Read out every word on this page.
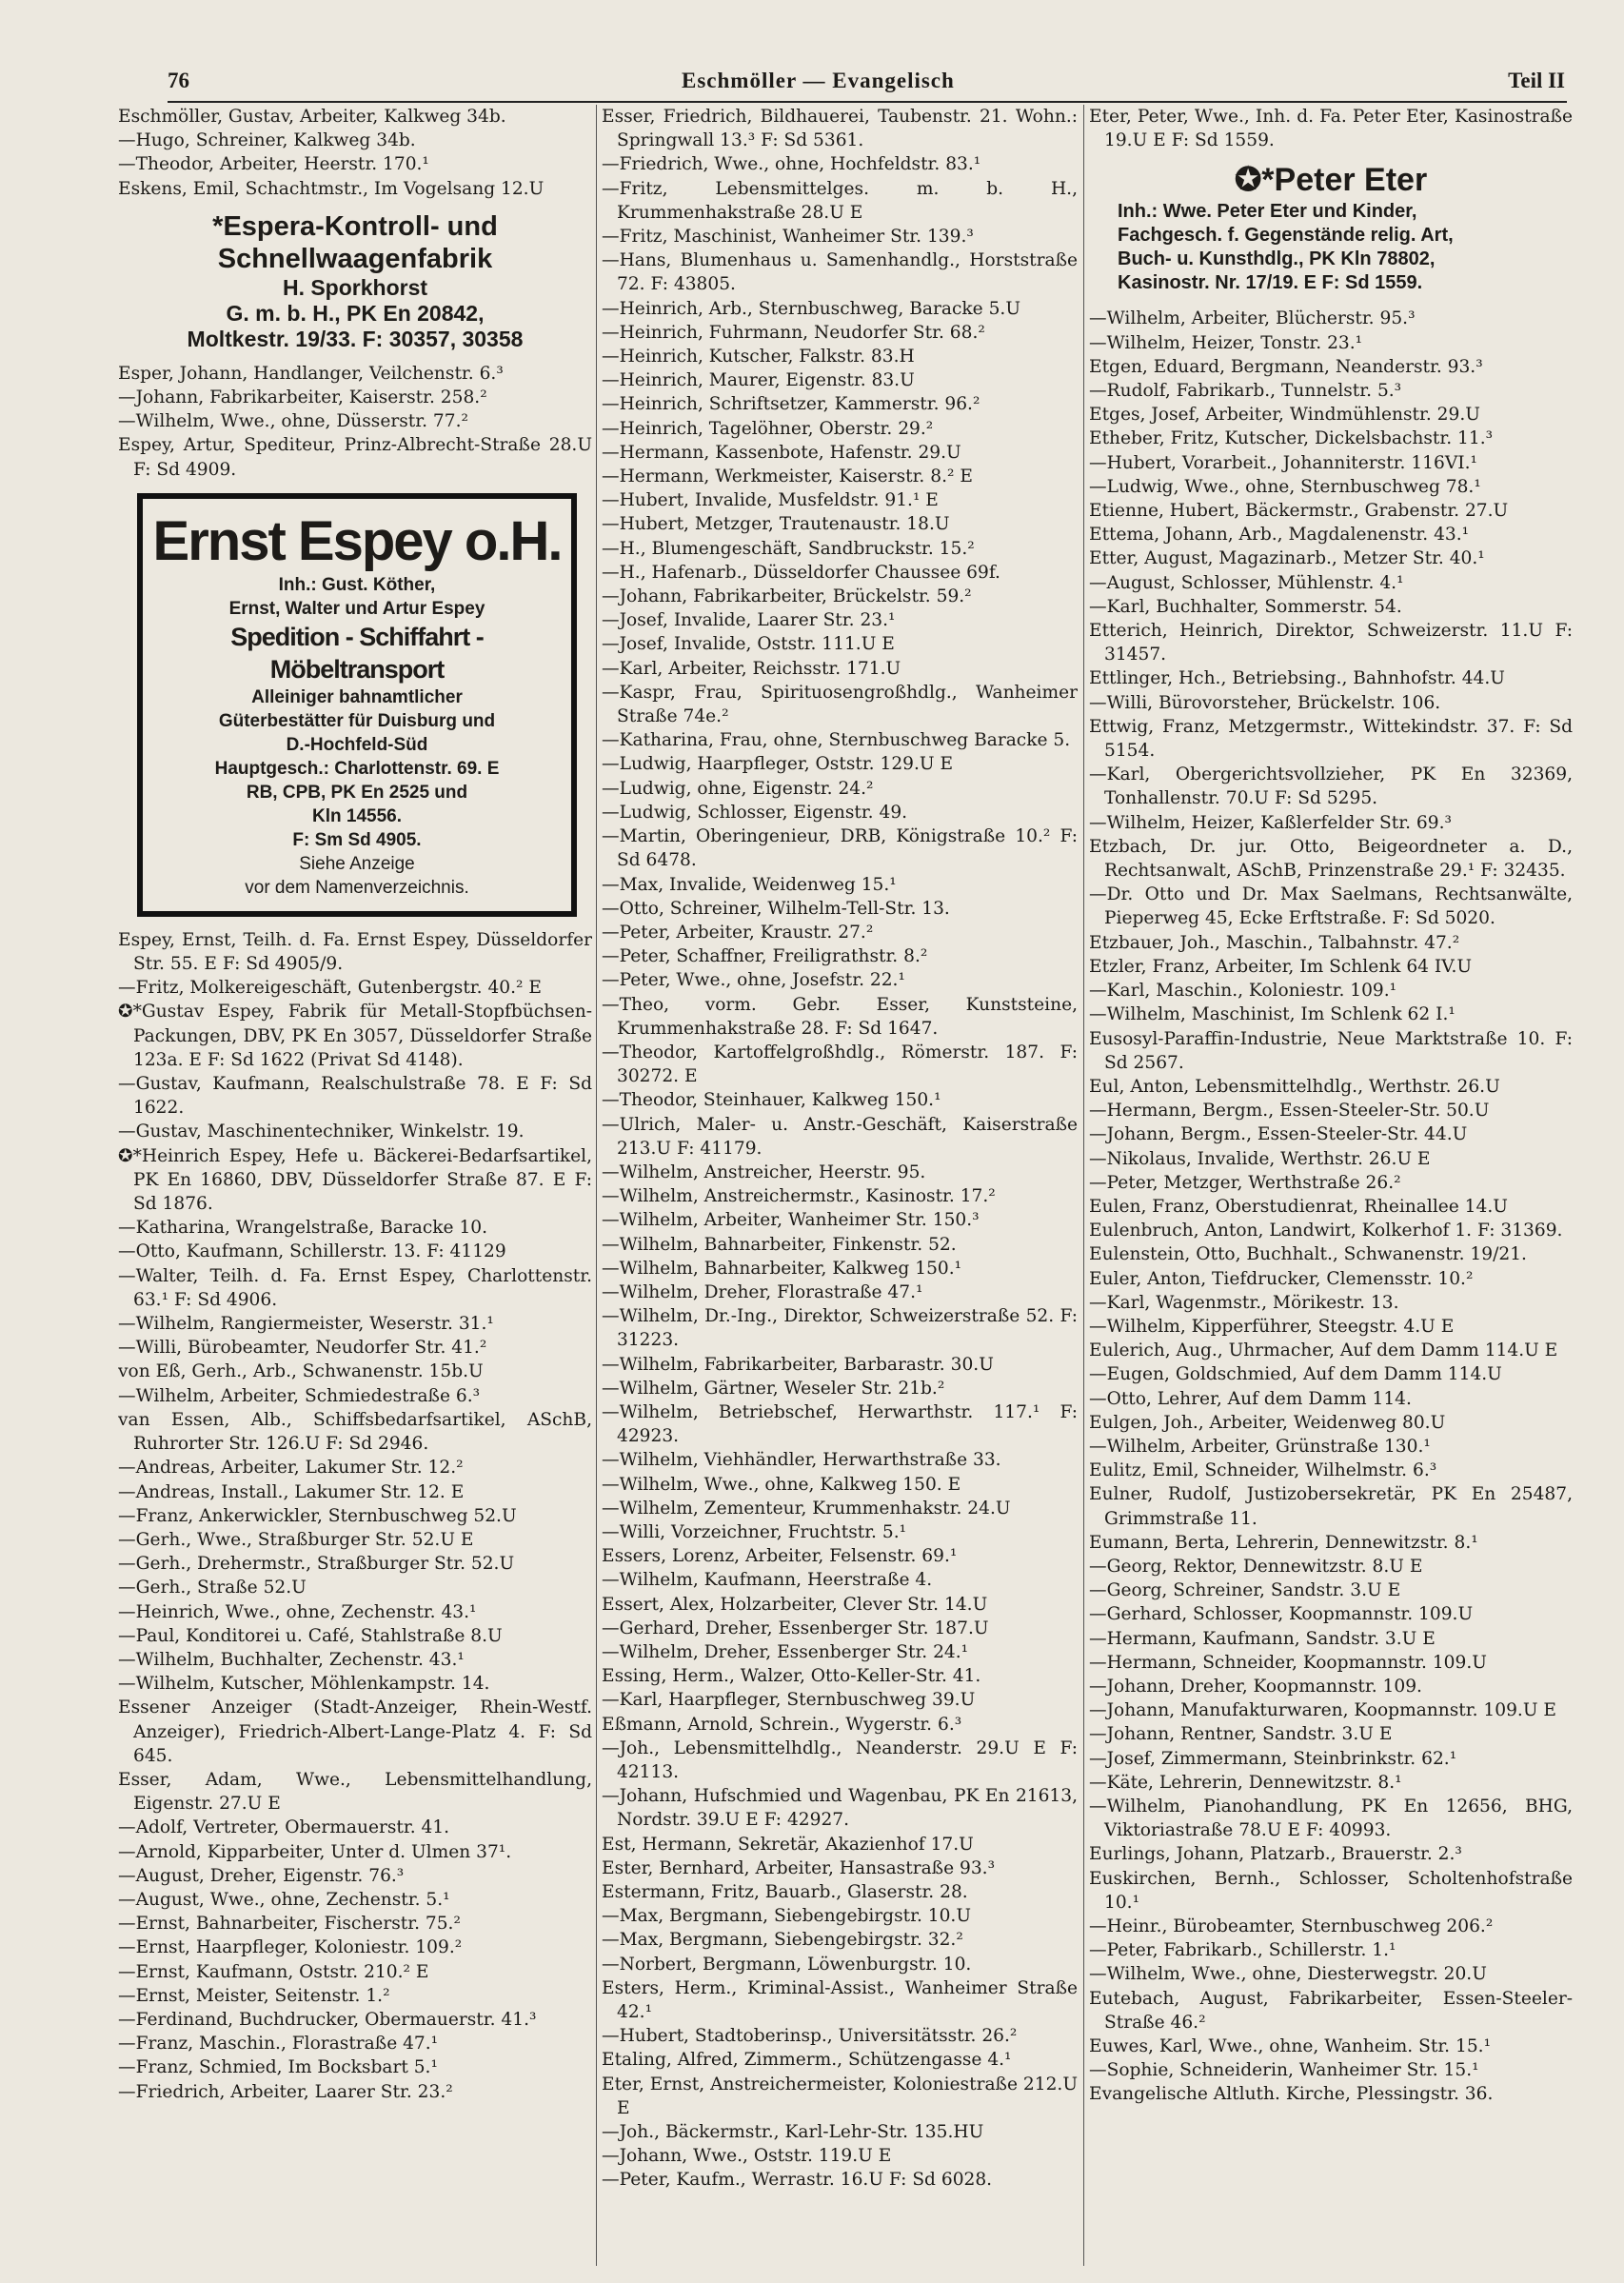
76	Eschmöller — Evangelisch	Teil II
Eschmöller, Gustav, Arbeiter, Kalkweg 34b.
—Hugo, Schreiner, Kalkweg 34b.
—Theodor, Arbeiter, Heerstr. 170.¹
Eskens, Emil, Schachtmstr., Im Vogelsang 12.U
*Espera-Kontroll- und Schnellwaagenfabrik
H. Sporkhorst
G. m. b. H., PK En 20842,
Moltkestr. 19/33. F: 30357, 30358
Esper, Johann, Handlanger, Veilchenstr. 6.³
—Johann, Fabrikarbeiter, Kaiserstr. 258.²
—Wilhelm, Wwe., ohne, Düsserstr. 77.²
Espey, Artur, Spediteur, Prinz-Albrecht-Straße 28.U F: Sd 4909.
Ernst Espey o.H.
Inh.: Gust. Köther,
Ernst, Walter und Artur Espey
Spedition - Schiffahrt - Möbeltransport
Alleiniger bahnamtlicher
Güterbestätter für Duisburg und
D.-Hochfeld-Süd
Hauptgesch.: Charlottenstr. 69. E
RB, CPB, PK En 2525 und
Kln 14556.
F: Sm Sd 4905.
Siehe Anzeige
vor dem Namenverzeichnis.
Espey, Ernst, Teilh. d. Fa. Ernst Espey, Düsseldorfer Str. 55. E F: Sd 4905/9.
—Fritz, Molkereigeschäft, Gutenbergstr. 40.² E
✪*Gustav Espey, Fabrik für Metall-Stopfbüchsen-Packungen, DBV, PK En 3057, Düsseldorfer Straße 123a. E F: Sd 1622 (Privat Sd 4148).
—Gustav, Kaufmann, Realschulstraße 78. E F: Sd 1622.
—Gustav, Maschinentechniker, Winkelstr. 19.
✪*Heinrich Espey, Hefe u. Bäckerei-Bedarfsartikel, PK En 16860, DBV, Düsseldorfer Straße 87. E F: Sd 1876.
—Katharina, Wrangelstraße, Baracke 10.
—Otto, Kaufmann, Schillerstr. 13. F: 41129
—Walter, Teilh. d. Fa. Ernst Espey, Charlottenstr. 63.¹ F: Sd 4906.
—Wilhelm, Rangiermeister, Weserstr. 31.¹
—Willi, Bürobeamter, Neudorfer Str. 41.²
von Eß, Gerh., Arb., Schwanenstr. 15b.U
—Wilhelm, Arbeiter, Schmiedestraße 6.³
van Essen, Alb., Schiffsbedarfsartikel, ASchB, Ruhrorter Str. 126.U F: Sd 2946.
—Andreas, Arbeiter, Lakumer Str. 12.²
—Andreas, Install., Lakumer Str. 12. E
—Franz, Ankerwickler, Sternbuschweg 52.U
—Gerh., Wwe., Straßburger Str. 52.U E
—Gerh., Drehermstr., Straßburger Str. 52.U
—Gerh., Straße 52.U
—Heinrich, Wwe., ohne, Zechenstr. 43.¹
—Paul, Konditorei u. Café, Stahlstraße 8.U
—Wilhelm, Buchhalter, Zechenstr. 43.¹
—Wilhelm, Kutscher, Möhlenkampstr. 14.
Essener Anzeiger (Stadt-Anzeiger, Rhein-Westf. Anzeiger), Friedrich-Albert-Lange-Platz 4. F: Sd 645.
Esser, Adam, Wwe., Lebensmittelhandlung, Eigenstr. 27.U E
—Adolf, Vertreter, Obermauerstr. 41.
—Arnold, Kipparbeiter, Unter d. Ulmen 37¹.
—August, Dreher, Eigenstr. 76.³
—August, Wwe., ohne, Zechenstr. 5.¹
—Ernst, Bahnarbeiter, Fischerstr. 75.²
—Ernst, Haarpfleger, Koloniestr. 109.²
—Ernst, Kaufmann, Oststr. 210.² E
—Ernst, Meister, Seitenstr. 1.²
—Ferdinand, Buchdrucker, Obermauerstr. 41.³
—Franz, Maschin., Florastraße 47.¹
—Franz, Schmied, Im Bocksbart 5.¹
—Friedrich, Arbeiter, Laarer Str. 23.²
Esser, Friedrich, Bildhauerei, Taubenstr. 21. Wohn.: Springwall 13.³ F: Sd 5361.
—Friedrich, Wwe., ohne, Hochfeldstr. 83.¹
—Fritz, Lebensmittelges. m. b. H., Krummenhakstraße 28.U E
—Fritz, Maschinist, Wanheimer Str. 139.³
—Hans, Blumenhaus u. Samenhandlg., Horststraße 72. F: 43805.
—Heinrich, Arb., Sternbuschweg, Baracke 5.U
—Heinrich, Fuhrmann, Neudorfer Str. 68.²
—Heinrich, Kutscher, Falkstr. 83.H
—Heinrich, Maurer, Eigenstr. 83.U
—Heinrich, Schriftsetzer, Kammerstr. 96.²
—Heinrich, Tagelöhner, Oberstr. 29.²
—Hermann, Kassenbote, Hafenstr. 29.U
—Hermann, Werkmeister, Kaiserstr. 8.² E
—Hubert, Invalide, Musfeldstr. 91.¹ E
—Hubert, Metzger, Trautenaustr. 18.U
—H., Blumengeschäft, Sandbruckstr. 15.²
—H., Hafenarb., Düsseldorfer Chaussee 69f.
—Johann, Fabrikarbeiter, Brückelstr. 59.²
—Josef, Invalide, Laarer Str. 23.¹
—Josef, Invalide, Oststr. 111.U E
—Karl, Arbeiter, Reichsstr. 171.U
—Kaspr, Frau, Spirituosengroßhdlg., Wanheimer Straße 74e.²
—Katharina, Frau, ohne, Sternbuschweg Baracke 5.
—Ludwig, Haarpfleger, Oststr. 129.U E
—Ludwig, ohne, Eigenstr. 24.²
—Ludwig, Schlosser, Eigenstr. 49.
—Martin, Oberingenieur, DRB, Königstraße 10.² F: Sd 6478.
—Max, Invalide, Weidenweg 15.¹
—Otto, Schreiner, Wilhelm-Tell-Str. 13.
—Peter, Arbeiter, Kraustr. 27.²
—Peter, Schaffner, Freiligrathstr. 8.²
—Peter, Wwe., ohne, Josefstr. 22.¹
—Theo, vorm. Gebr. Esser, Kunststeine, Krummenhakstraße 28. F: Sd 1647.
—Theodor, Kartoffelgroßhdlg., Römerstr. 187. F: 30272. E
—Theodor, Steinhauer, Kalkweg 150.¹
—Ulrich, Maler- u. Anstr.-Geschäft, Kaiserstraße 213.U F: 41179.
—Wilhelm, Anstreicher, Heerstr. 95.
—Wilhelm, Anstreichermstr., Kasinostr. 17.²
—Wilhelm, Arbeiter, Wanheimer Str. 150.³
—Wilhelm, Bahnarbeiter, Finkenstr. 52.
—Wilhelm, Bahnarbeiter, Kalkweg 150.¹
—Wilhelm, Dreher, Florastraße 47.¹
—Wilhelm, Dr.-Ing., Direktor, Schweizerstraße 52. F: 31223.
—Wilhelm, Fabrikarbeiter, Barbarastr. 30.U
—Wilhelm, Gärtner, Weseler Str. 21b.²
—Wilhelm, Betriebschef, Herwarthstr. 117.¹ F: 42923.
—Wilhelm, Viehhändler, Herwarthstraße 33.
—Wilhelm, Wwe., ohne, Kalkweg 150. E
—Wilhelm, Zementeur, Krummenhakstr. 24.U
—Willi, Vorzeichner, Fruchtstr. 5.¹
Essers, Lorenz, Arbeiter, Felsenstr. 69.¹
—Wilhelm, Kaufmann, Heerstraße 4.
Essert, Alex, Holzarbeiter, Clever Str. 14.U
—Gerhard, Dreher, Essenberger Str. 187.U
—Wilhelm, Dreher, Essenberger Str. 24.¹
Essing, Herm., Walzer, Otto-Keller-Str. 41.
—Karl, Haarpfleger, Sternbuschweg 39.U
Eßmann, Arnold, Schrein., Wygerstr. 6.³
—Joh., Lebensmittelhdlg., Neanderstr. 29.U E F: 42113.
—Johann, Hufschmied und Wagenbau, PK En 21613, Nordstr. 39.U E F: 42927.
Est, Hermann, Sekretär, Akazienhof 17.U
Ester, Bernhard, Arbeiter, Hansastraße 93.³
Estermann, Fritz, Bauarb., Glaserstr. 28.
—Max, Bergmann, Siebengebirgstr. 10.U
—Max, Bergmann, Siebengebirgstr. 32.²
—Norbert, Bergmann, Löwenburgstr. 10.
Esters, Herm., Kriminal-Assist., Wanheimer Straße 42.¹
—Hubert, Stadtoberinsp., Universitätsstr. 26.²
Etaling, Alfred, Zimmerm., Schützengasse 4.¹
Eter, Ernst, Anstreichermeister, Koloniestraße 212.U E
—Joh., Bäckermstr., Karl-Lehr-Str. 135.HU
—Johann, Wwe., Oststr. 119.U E
—Peter, Kaufm., Werrastr. 16.U F: Sd 6028.
Eter, Peter, Wwe., Inh. d. Fa. Peter Eter, Kasinostraße 19.U E F: Sd 1559.
✪*Peter Eter
Inh.: Wwe. Peter Eter und Kinder,
Fachgesch. f. Gegenstände relig. Art,
Buch- u. Kunsthdlg., PK Kln 78802,
Kasinostr. Nr. 17/19. E F: Sd 1559.
—Wilhelm, Arbeiter, Blücherstr. 95.³
—Wilhelm, Heizer, Tonstr. 23.¹
Etgen, Eduard, Bergmann, Neanderstr. 93.³
—Rudolf, Fabrikarb., Tunnelstr. 5.³
Etges, Josef, Arbeiter, Windmühlenstr. 29.U
Etheber, Fritz, Kutscher, Dickelsbachstr. 11.³
—Hubert, Vorarbeit., Johanniterstr. 116VI.¹
—Ludwig, Wwe., ohne, Sternbuschweg 78.¹
Etienne, Hubert, Bäckermstr., Grabenstr. 27.U
Ettema, Johann, Arb., Magdalenenstr. 43.¹
Etter, August, Magazinarb., Metzer Str. 40.¹
—August, Schlosser, Mühlenstr. 4.¹
—Karl, Buchhalter, Sommerstr. 54.
Etterich, Heinrich, Direktor, Schweizerstr. 11.U F: 31457.
Ettlinger, Hch., Betriebsing., Bahnhofstr. 44.U
—Willi, Bürovorsteher, Brückelstr. 106.
Ettwig, Franz, Metzgermstr., Wittekindstr. 37. F: Sd 5154.
—Karl, Obergerichtsvollzieher, PK En 32369, Tonhallenstr. 70.U F: Sd 5295.
—Wilhelm, Heizer, Kaßlerfelder Str. 69.³
Etzbach, Dr. jur. Otto, Beigeordneter a. D., Rechtsanwalt, ASchB, Prinzenstraße 29.¹ F: 32435.
—Dr. Otto und Dr. Max Saelmans, Rechtsanwälte, Pieperweg 45, Ecke Erftstraße. F: Sd 5020.
Etzbauer, Joh., Maschin., Talbahnstr. 47.²
Etzler, Franz, Arbeiter, Im Schlenk 64 IV.U
—Karl, Maschin., Koloniestr. 109.¹
—Wilhelm, Maschinist, Im Schlenk 62 I.¹
Eusosyl-Paraffin-Industrie, Neue Marktstraße 10. F: Sd 2567.
Eul, Anton, Lebensmittelhdlg., Werthstr. 26.U
—Hermann, Bergm., Essen-Steeler-Str. 50.U
—Johann, Bergm., Essen-Steeler-Str. 44.U
—Nikolaus, Invalide, Werthstr. 26.U E
—Peter, Metzger, Werthstraße 26.²
Eulen, Franz, Oberstudienrat, Rheinallee 14.U
Eulenbruch, Anton, Landwirt, Kolkerhof 1. F: 31369.
Eulenstein, Otto, Buchhalt., Schwanenstr. 19/21.
Euler, Anton, Tiefdrucker, Clemensstr. 10.²
—Karl, Wagenmstr., Mörikestr. 13.
—Wilhelm, Kipperführer, Steegstr. 4.U E
Eulerich, Aug., Uhrmacher, Auf dem Damm 114.U E
—Eugen, Goldschmied, Auf dem Damm 114.U
—Otto, Lehrer, Auf dem Damm 114.
Eulgen, Joh., Arbeiter, Weidenweg 80.U
—Wilhelm, Arbeiter, Grünstraße 130.¹
Eulitz, Emil, Schneider, Wilhelmstr. 6.³
Eulner, Rudolf, Justizobersekretär, PK En 25487, Grimmstraße 11.
Eumann, Berta, Lehrerin, Dennewitzstr. 8.¹
—Georg, Rektor, Dennewitzstr. 8.U E
—Georg, Schreiner, Sandstr. 3.U E
—Gerhard, Schlosser, Koopmannstr. 109.U
—Hermann, Kaufmann, Sandstr. 3.U E
—Hermann, Schneider, Koopmannstr. 109.U
—Johann, Dreher, Koopmannstr. 109.
—Johann, Manufakturwaren, Koopmannstr. 109.U E
—Johann, Rentner, Sandstr. 3.U E
—Josef, Zimmermann, Steinbrinkstr. 62.¹
—Käte, Lehrerin, Dennewitzstr. 8.¹
—Wilhelm, Pianohandlung, PK En 12656, BHG, Viktoriastraße 78.U E F: 40993.
Eurlings, Johann, Platzarb., Brauerstr. 2.³
Euskirchen, Bernh., Schlosser, Scholtenhofstraße 10.¹
—Heinr., Bürobeamter, Sternbuschweg 206.²
—Peter, Fabrikarb., Schillerstr. 1.¹
—Wilhelm, Wwe., ohne, Diesterwegstr. 20.U
Eutebach, August, Fabrikarbeiter, Essen-Steeler-Straße 46.²
Euwes, Karl, Wwe., ohne, Wanheim. Str. 15.¹
—Sophie, Schneiderin, Wanheimer Str. 15.¹
Evangelische Altluth. Kirche, Plessingstr. 36.
